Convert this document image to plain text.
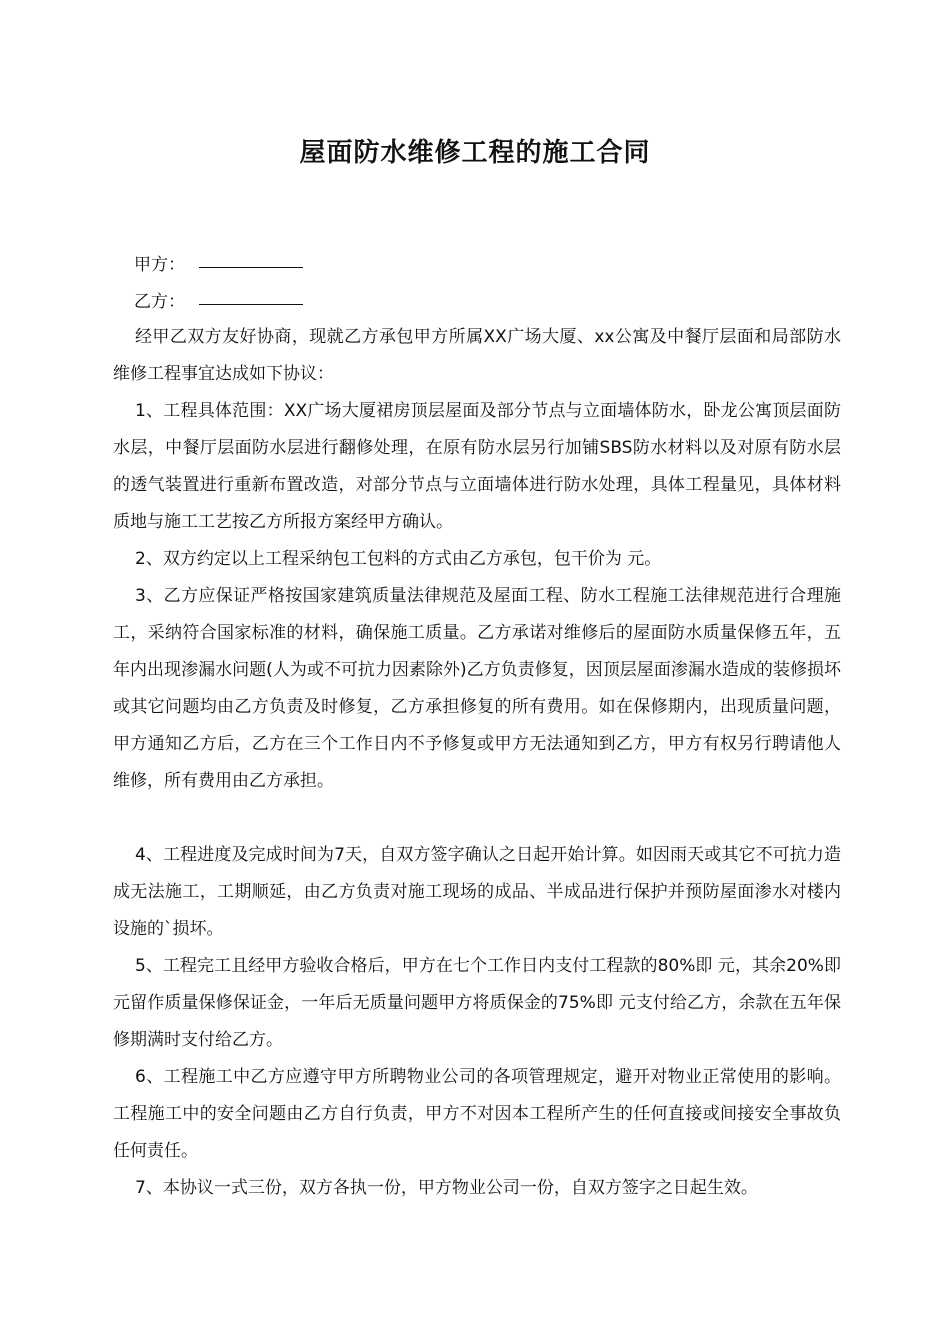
屋面防水维修工程的施工合同
甲方：
乙方：

经甲乙双方友好协商，现就乙方承包甲方所属XX广场大厦、xx公寓及中餐厅层面和局部防水维修工程事宜达成如下协议：

1、工程具体范围：XX广场大厦裙房顶层屋面及部分节点与立面墙体防水，卧龙公寓顶层面防水层，中餐厅层面防水层进行翻修处理，在原有防水层另行加铺SBS防水材料以及对原有防水层的透气装置进行重新布置改造，对部分节点与立面墙体进行防水处理，具体工程量见，具体材料质地与施工工艺按乙方所报方案经甲方确认。

2、双方约定以上工程采纳包工包料的方式由乙方承包，包干价为 元。

3、乙方应保证严格按国家建筑质量法律规范及屋面工程、防水工程施工法律规范进行合理施工，采纳符合国家标准的材料，确保施工质量。乙方承诺对维修后的屋面防水质量保修五年，五年内出现渗漏水问题(人为或不可抗力因素除外)乙方负责修复，因顶层屋面渗漏水造成的装修损坏或其它问题均由乙方负责及时修复，乙方承担修复的所有费用。如在保修期内，出现质量问题，甲方通知乙方后，乙方在三个工作日内不予修复或甲方无法通知到乙方，甲方有权另行聘请他人维修，所有费用由乙方承担。

4、工程进度及完成时间为7天，自双方签字确认之日起开始计算。如因雨天或其它不可抗力造成无法施工，工期顺延，由乙方负责对施工现场的成品、半成品进行保护并预防屋面渗水对楼内设施的`损坏。

5、工程完工且经甲方验收合格后，甲方在七个工作日内支付工程款的80%即 元，其余20%即 元留作质量保修保证金，一年后无质量问题甲方将质保金的75%即 元支付给乙方，余款在五年保修期满时支付给乙方。

6、工程施工中乙方应遵守甲方所聘物业公司的各项管理规定，避开对物业正常使用的影响。工程施工中的安全问题由乙方自行负责，甲方不对因本工程所产生的任何直接或间接安全事故负任何责任。

7、本协议一式三份，双方各执一份，甲方物业公司一份，自双方签字之日起生效。
